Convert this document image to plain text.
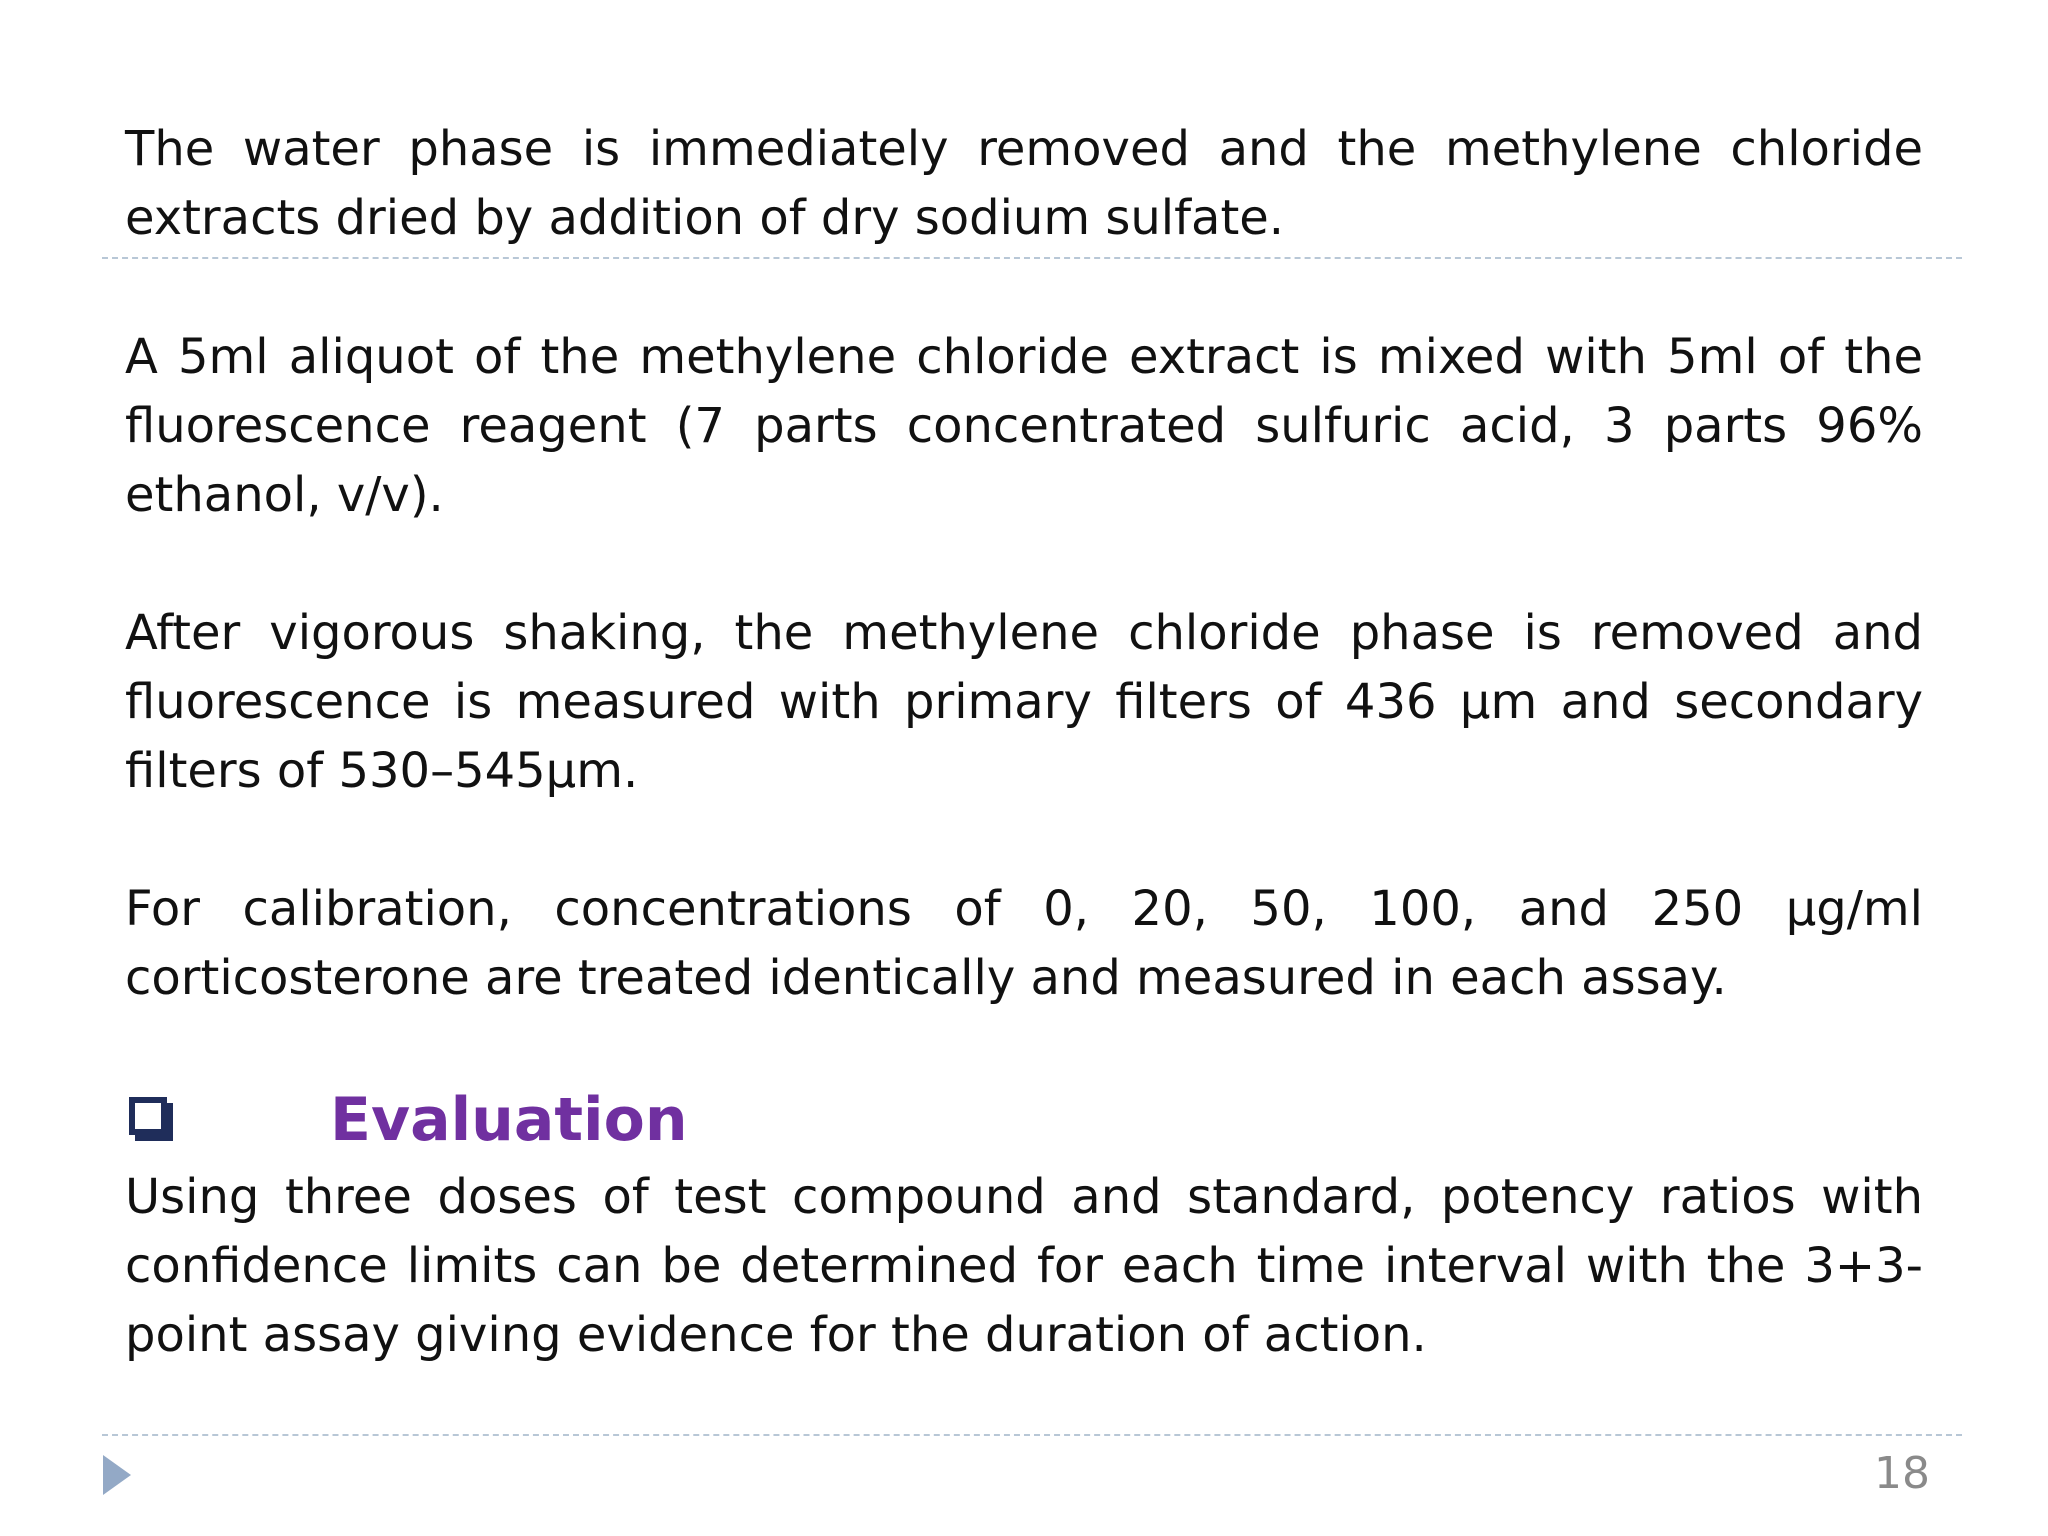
The water phase is immediately removed and the methylene chloride extracts dried by addition of dry sodium sulfate.

A 5ml aliquot of the methylene chloride extract is mixed with 5ml of the fluorescence reagent (7 parts concentrated sulfuric acid, 3 parts 96% ethanol, v/v).

After vigorous shaking, the methylene chloride phase is removed and fluorescence is measured with primary filters of 436 µm and secondary filters of 530–545µm.

For calibration, concentrations of 0, 20, 50, 100, and 250 µg/ml corticosterone are treated identically and measured in each assay.

Evaluation

Using three doses of test compound and standard, potency ratios with confidence limits can be determined for each time interval with the 3+3-point assay giving evidence for the duration of action.

18
